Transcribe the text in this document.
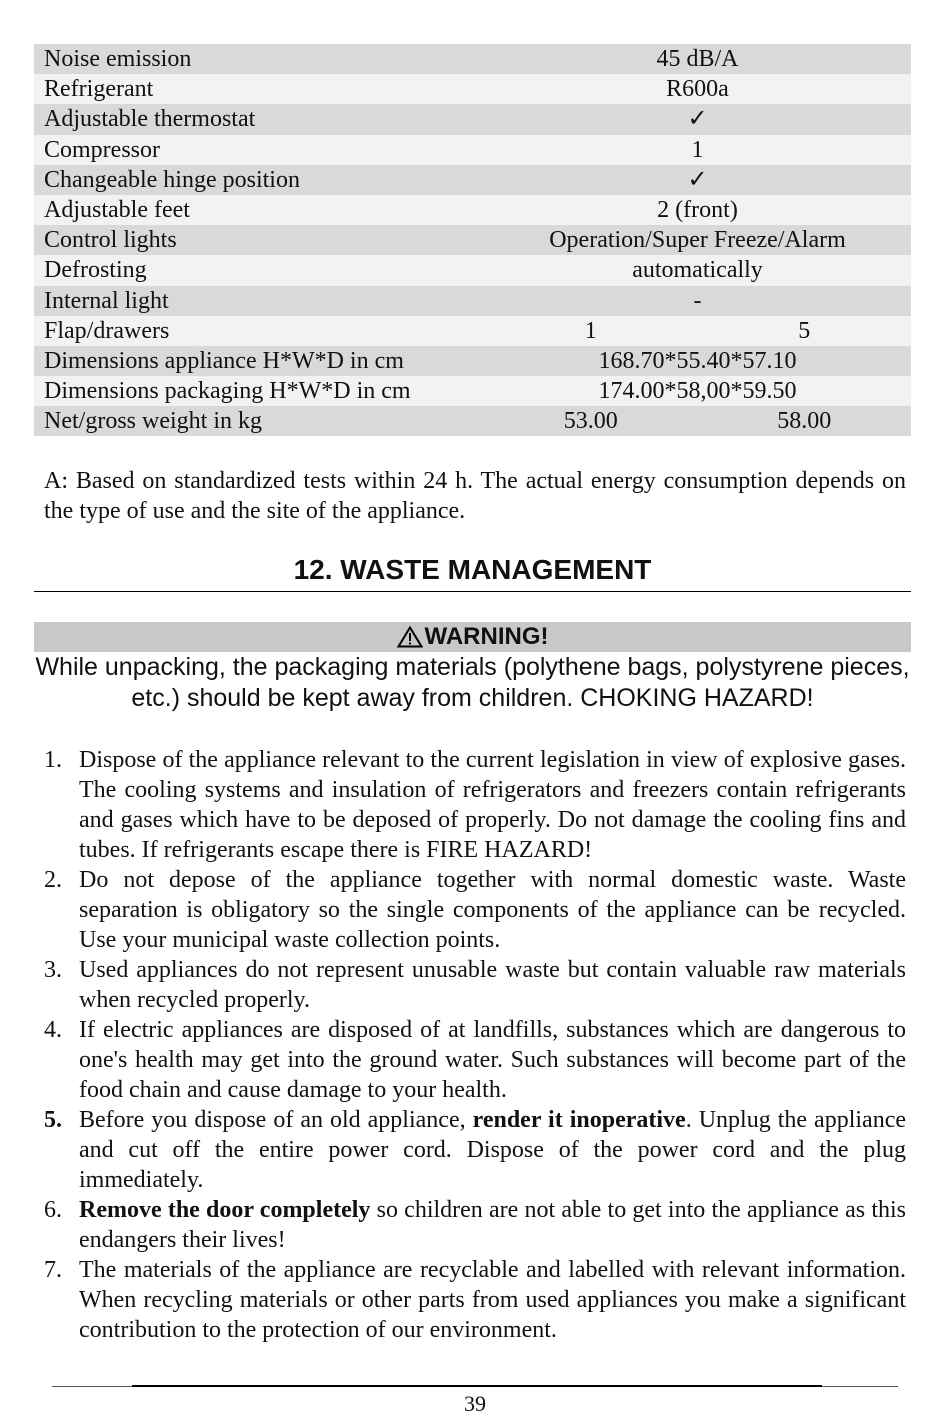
Noise emission	45 dB/A
Refrigerant	R600a
Adjustable thermostat	✓
Compressor	1
Changeable hinge position	✓
Adjustable feet	2 (front)
Control lights	Operation/Super Freeze/Alarm
Defrosting	automatically
Internal light	-
Flap/drawers	1 5

Dimensions appliance H*W*D in cm	168.70*55.40*57.10
Dimensions packaging H*W*D in cm	174.00*58,00*59.50
Net/gross weight in kg	53.00 58.00

A: Based on standardized tests within 24 h. The actual energy consumption depends on the type of use and the site of the appliance.

12. WASTE MANAGEMENT
WARNING!
While unpacking, the packaging materials (polythene bags, polystyrene pieces, etc.) should be kept away from children. CHOKING HAZARD!
1. Dispose of the appliance relevant to the current legislation in view of explosive gases. The cooling systems and insulation of refrigerators and freezers contain refrigerants and gases which have to be deposed of properly. Do not damage the cooling fins and tubes. If refrigerants escape there is FIRE HAZARD!
2. Do not depose of the appliance together with normal domestic waste. Waste separation is obligatory so the single components of the appliance can be recycled. Use your municipal waste collection points.
3. Used appliances do not represent unusable waste but contain valuable raw materials when recycled properly.
4. If electric appliances are disposed of at landfills, substances which are dangerous to one's health may get into the ground water. Such substances will become part of the food chain and cause damage to your health.
5. Before you dispose of an old appliance, render it inoperative. Unplug the appliance and cut off the entire power cord. Dispose of the power cord and the plug immediately.
6. Remove the door completely so children are not able to get into the appliance as this endangers their lives!
7. The materials of the appliance are recyclable and labelled with relevant information. When recycling materials or other parts from used appliances you make a significant contribution to the protection of our environment.
39
